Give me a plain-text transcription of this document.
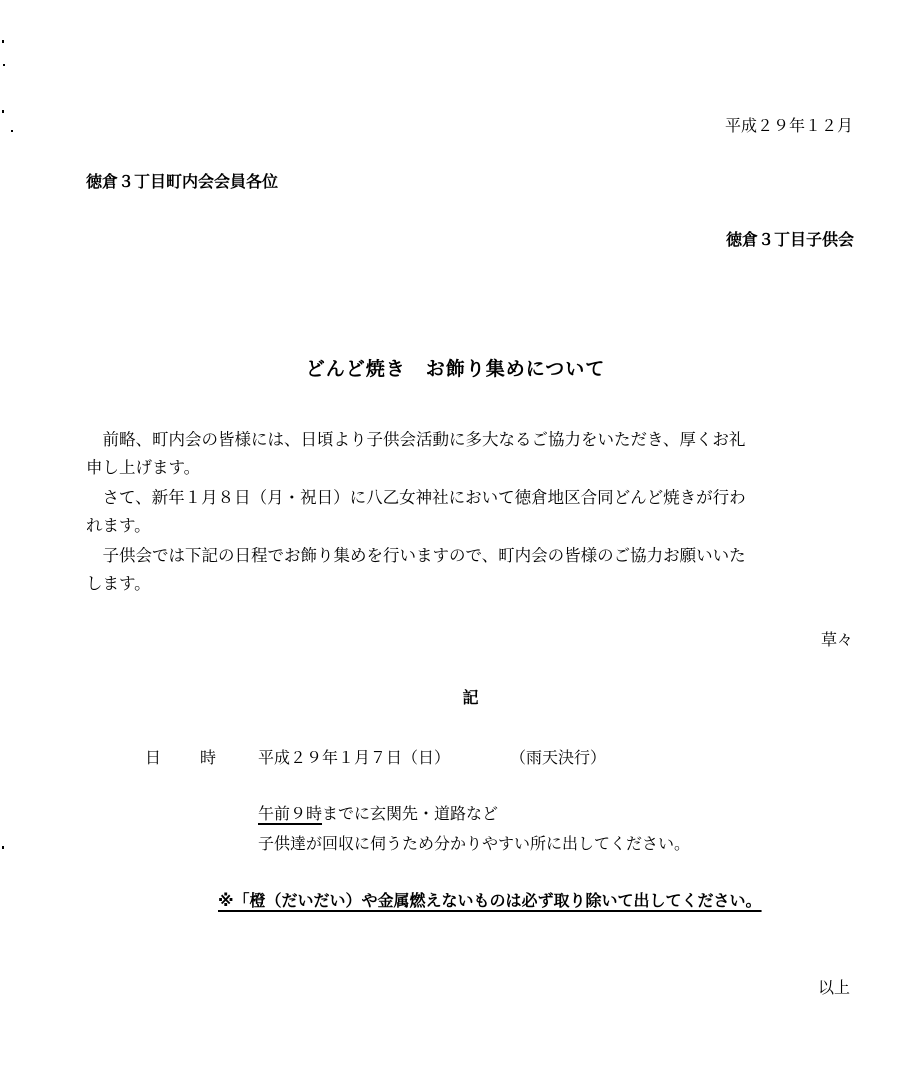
平成２９年１２月
徳倉３丁目町内会会員各位
徳倉３丁目子供会
どんど焼き　お飾り集めについて
　前略、町内会の皆様には、日頃より子供会活動に多大なるご協力をいただき、厚くお礼
申し上げます。
　さて、新年１月８日（月・祝日）に八乙女神社において徳倉地区合同どんど焼きが行わ
れます。
　子供会では下記の日程でお飾り集めを行いますので、町内会の皆様のご協力お願いいた
します。
草々
記
日 時	平成２９年１月７日（日）	（雨天決行）
午前９時までに玄関先・道路など
子供達が回収に伺うため分かりやすい所に出してください。
※「橙（だいだい）や金属燃えないものは必ず取り除いて出してください。
以上
